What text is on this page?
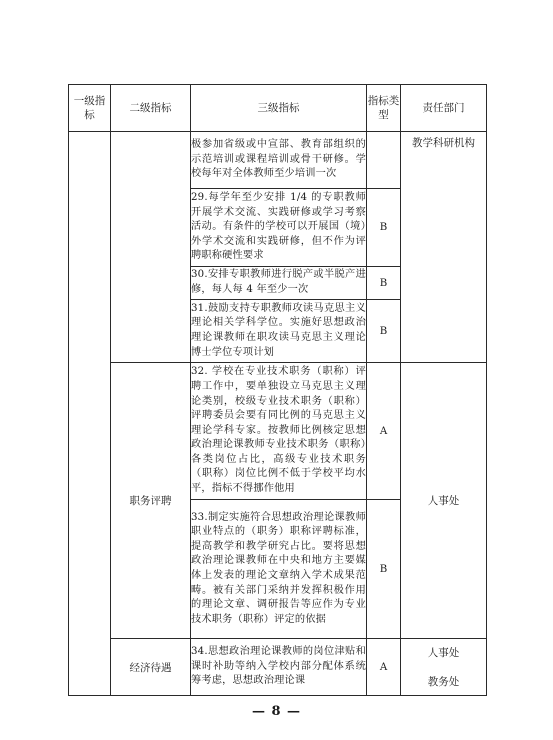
一级指标	二级指标	三级指标	指标类型	责任部门
		极参加省级或中宣部、教育部组织的示范培训或课程培训或骨干研修。学校每年对全体教师至少培训一次		教学科研机构
		29.每学年至少安排 1/4 的专职教师开展学术交流、实践研修或学习考察活动。有条件的学校可以开展国（境）外学术交流和实践研修，但不作为评聘职称硬性要求	B	
		30.安排专职教师进行脱产或半脱产进修，每人每 4 年至少一次	B	
		31.鼓励支持专职教师攻读马克思主义理论相关学科学位。实施好思想政治理论课教师在职攻读马克思主义理论博士学位专项计划	B	
	职务评聘	32. 学校在专业技术职务（职称）评聘工作中，要单独设立马克思主义理论类别，校级专业技术职务（职称）评聘委员会要有同比例的马克思主义理论学科专家。按教师比例核定思想政治理论课教师专业技术职务（职称）各类岗位占比，高级专业技术职务（职称）岗位比例不低于学校平均水平，指标不得挪作他用	A	人事处
		33.制定实施符合思想政治理论课教师职业特点的（职务）职称评聘标准，提高教学和教学研究占比。要将思想政治理论课教师在中央和地方主要媒体上发表的理论文章纳入学术成果范畴。被有关部门采纳并发挥积极作用的理论文章、调研报告等应作为专业技术职务（职称）评定的依据	B	
	经济待遇	34.思想政治理论课教师的岗位津贴和课时补助等纳入学校内部分配体系统筹考虑，思想政治理论课	A	人事处
教务处
— 8 —
